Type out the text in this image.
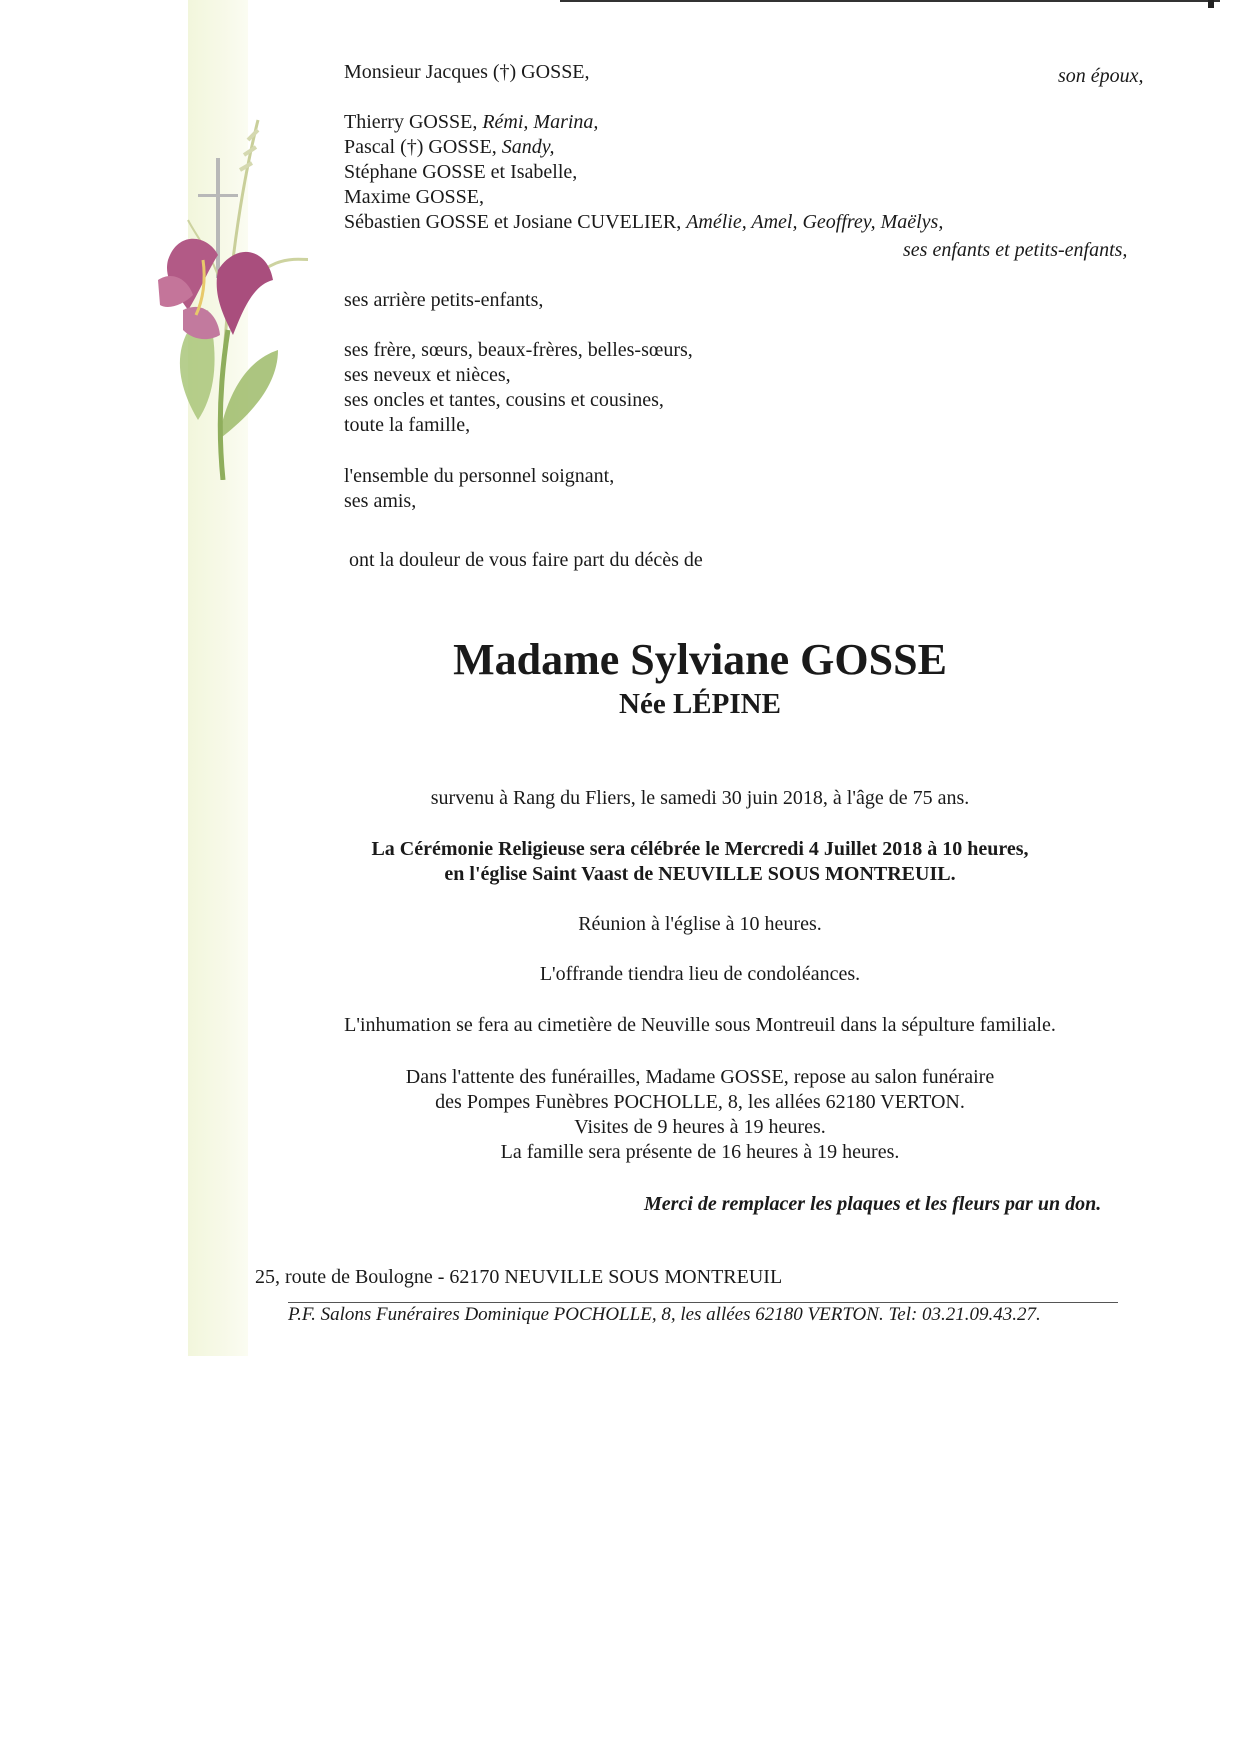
Monsieur Jacques (†) GOSSE,	son époux,
Thierry GOSSE, Rémi, Marina,
Pascal (†) GOSSE, Sandy,
Stéphane GOSSE et Isabelle,
Maxime GOSSE,
Sébastien GOSSE et Josiane CUVELIER, Amélie, Amel, Geoffrey, Maëlys,
ses enfants et petits-enfants,
ses arrière petits-enfants,
ses frère, sœurs, beaux-frères, belles-sœurs,
ses neveux et nièces,
ses oncles et tantes, cousins et cousines,
toute la famille,
l'ensemble du personnel soignant,
ses amis,
ont la douleur de vous faire part du décès de
Madame Sylviane GOSSE
Née LÉPINE
survenu à Rang du Fliers, le samedi 30 juin 2018, à l'âge de 75 ans.
La Cérémonie Religieuse sera célébrée le Mercredi 4 Juillet 2018 à 10 heures,
en l'église Saint Vaast de NEUVILLE SOUS MONTREUIL.
Réunion à l'église à 10 heures.
L'offrande tiendra lieu de condoléances.
L'inhumation se fera au cimetière de Neuville sous Montreuil dans la sépulture familiale.
Dans l'attente des funérailles, Madame GOSSE, repose au salon funéraire
des Pompes Funèbres POCHOLLE, 8, les allées 62180 VERTON.
Visites de 9 heures à 19 heures.
La famille sera présente de 16 heures à 19 heures.
Merci de remplacer les plaques et les fleurs par un don.
25, route de Boulogne - 62170 NEUVILLE SOUS MONTREUIL
P.F. Salons Funéraires Dominique POCHOLLE, 8, les allées 62180 VERTON. Tel: 03.21.09.43.27.
